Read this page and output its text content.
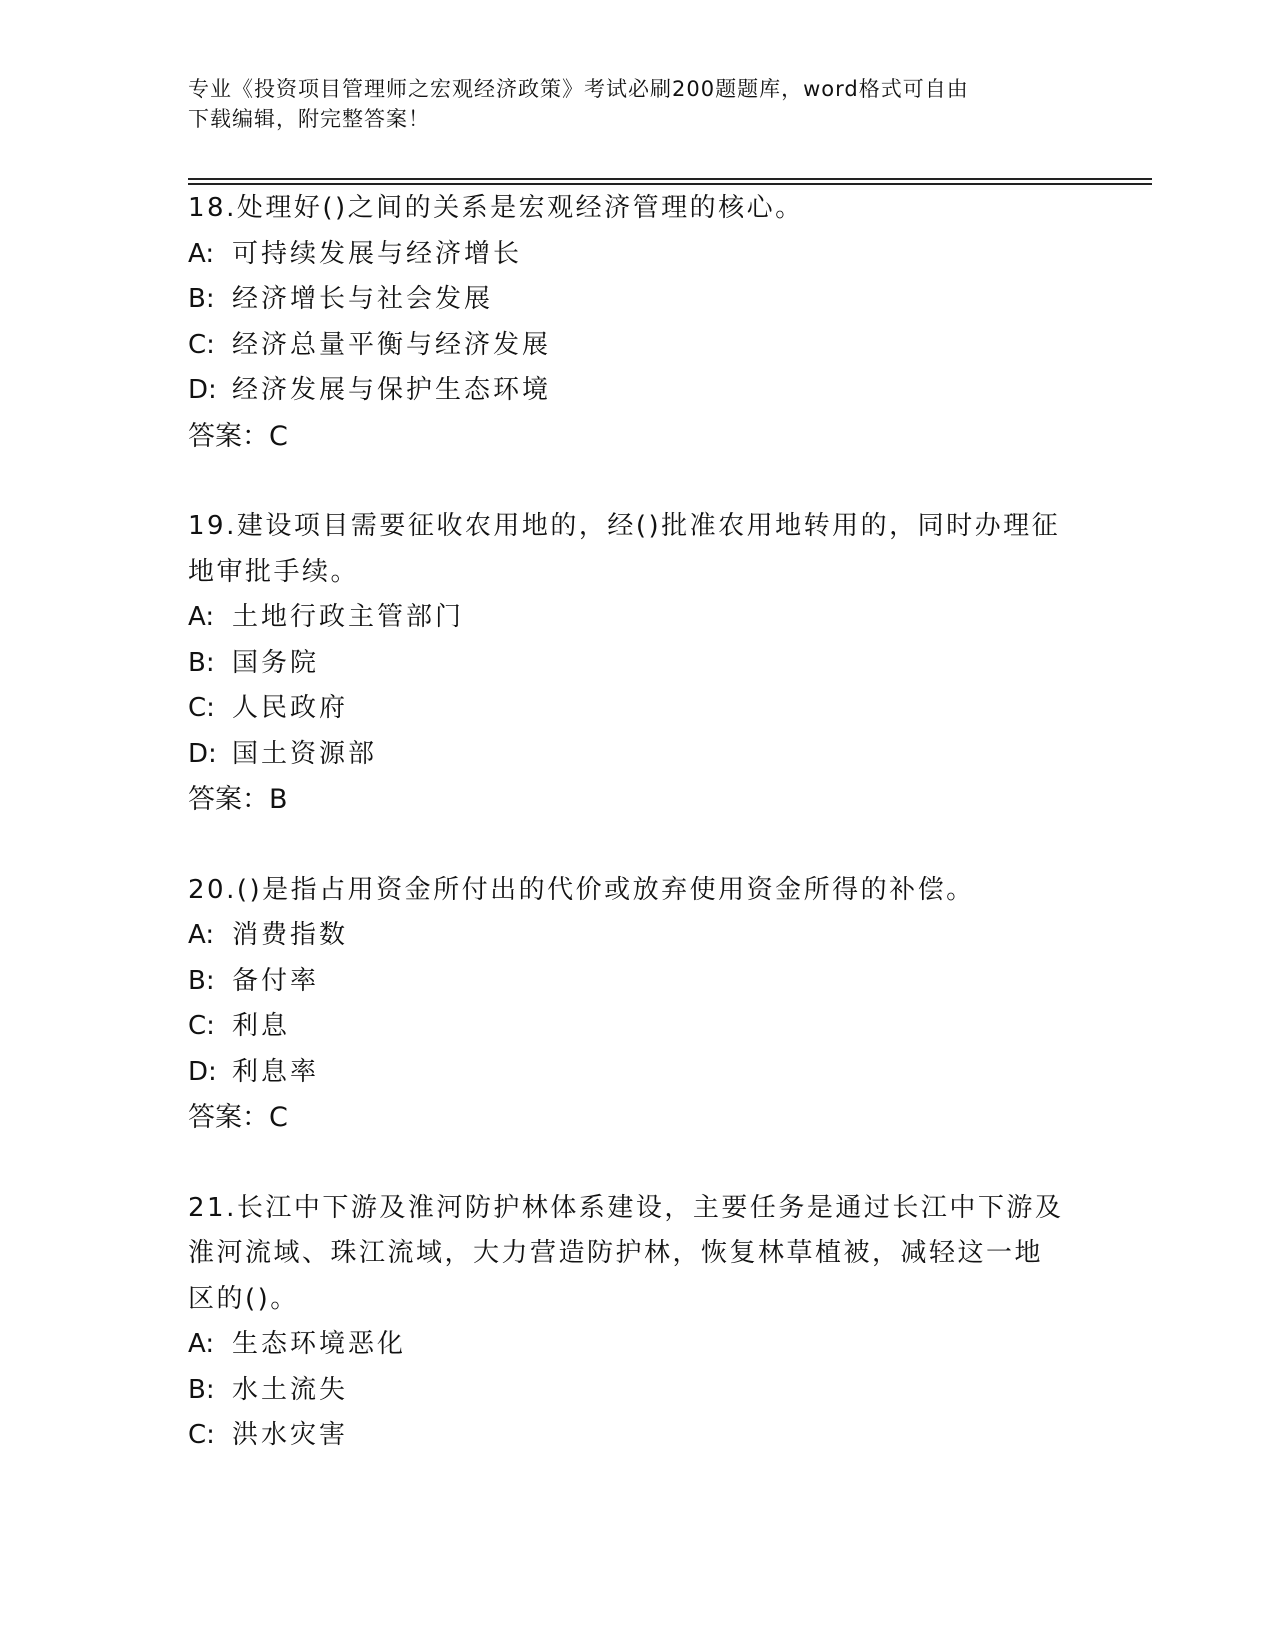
专业《投资项目管理师之宏观经济政策》考试必刷200题题库，word格式可自由
下载编辑，附完整答案！
18.处理好()之间的关系是宏观经济管理的核心。
A: 可持续发展与经济增长
B: 经济增长与社会发展
C: 经济总量平衡与经济发展
D: 经济发展与保护生态环境
答案：C
19.建设项目需要征收农用地的，经()批准农用地转用的，同时办理征
地审批手续。
A: 土地行政主管部门
B: 国务院
C: 人民政府
D: 国土资源部
答案：B
20.()是指占用资金所付出的代价或放弃使用资金所得的补偿。
A: 消费指数
B: 备付率
C: 利息
D: 利息率
答案：C
21.长江中下游及淮河防护林体系建设，主要任务是通过长江中下游及
淮河流域、珠江流域，大力营造防护林，恢复林草植被，减轻这一地
区的()。
A: 生态环境恶化
B: 水土流失
C: 洪水灾害
